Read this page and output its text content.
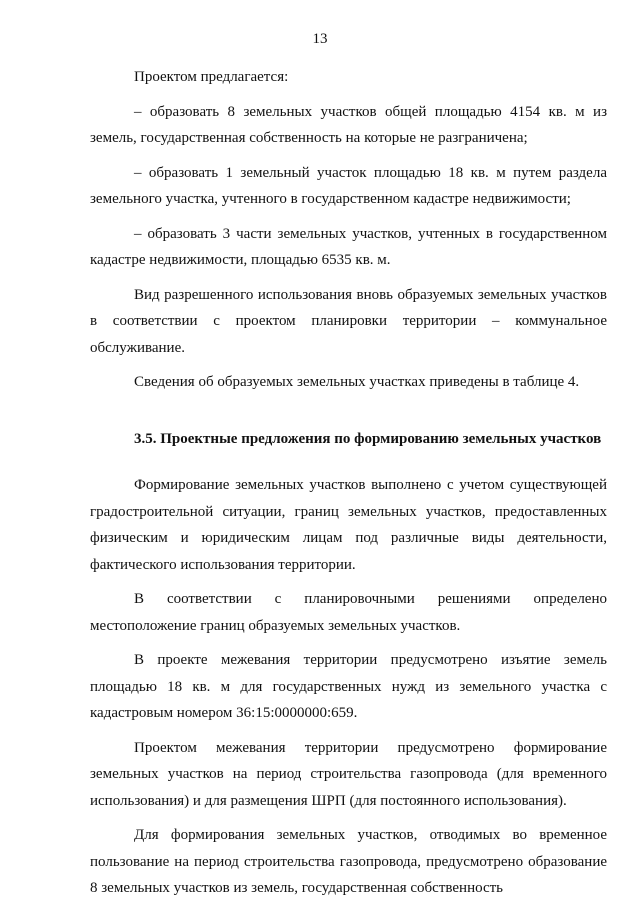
13

Проектом предлагается:

– образовать 8 земельных участков общей площадью 4154 кв. м из земель, государственная собственность на которые не разграничена;

– образовать 1 земельный участок площадью 18 кв. м путем раздела земельного участка, учтенного в государственном кадастре недвижимости;

– образовать 3 части земельных участков, учтенных в государственном кадастре недвижимости, площадью 6535 кв. м.

Вид разрешенного использования вновь образуемых земельных участков в соответствии с проектом планировки территории – коммунальное обслуживание.

Сведения об образуемых земельных участках приведены в таблице 4.

3.5. Проектные предложения по формированию земельных участков

Формирование земельных участков выполнено с учетом существующей градостроительной ситуации, границ земельных участков, предоставленных физическим и юридическим лицам под различные виды деятельности, фактического использования территории.

В соответствии с планировочными решениями определено местоположение границ образуемых земельных участков.

В проекте межевания территории предусмотрено изъятие земель площадью 18 кв. м для государственных нужд из земельного участка с кадастровым номером 36:15:0000000:659.

Проектом межевания территории предусмотрено формирование земельных участков на период строительства газопровода (для временного использования) и для размещения ШРП (для постоянного использования).

Для формирования земельных участков, отводимых во временное пользование на период строительства газопровода, предусмотрено образование 8 земельных участков из земель, государственная собственность
